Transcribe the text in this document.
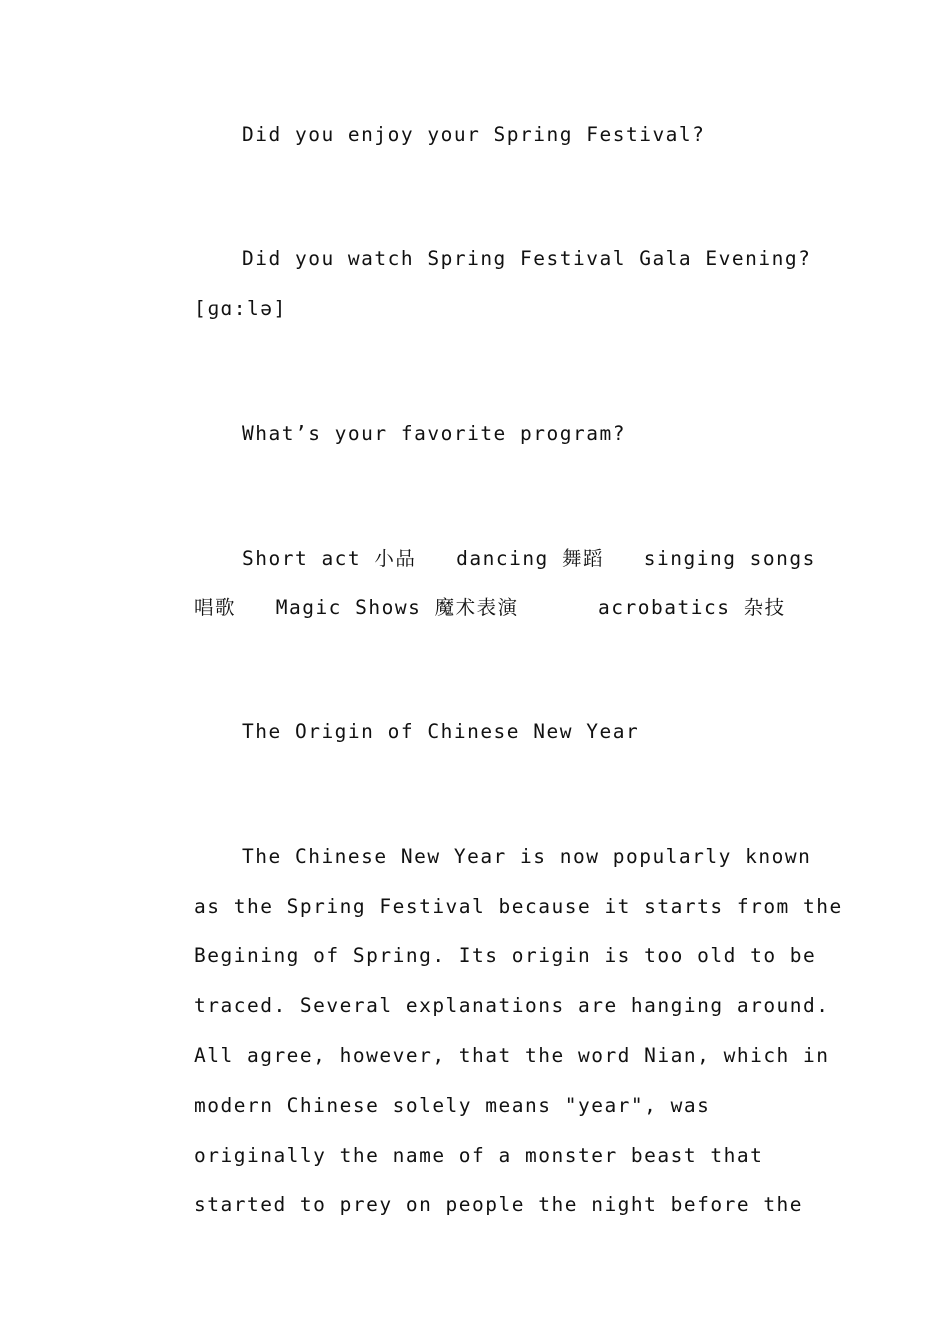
Did you enjoy your Spring Festival?
Did you watch Spring Festival Gala Evening?
[ɡɑ:lə]
What’s your favorite program?
Short act 小品   dancing 舞蹈   singing songs
唱歌   Magic Shows 魔术表演      acrobatics 杂技
The Origin of Chinese New Year
The Chinese New Year is now popularly known
as the Spring Festival because it starts from the
Begining of Spring. Its origin is too old to be
traced. Several explanations are hanging around.
All agree, however, that the word Nian, which in
modern Chinese solely means "year", was
originally the name of a monster beast that
started to prey on people the night before the
